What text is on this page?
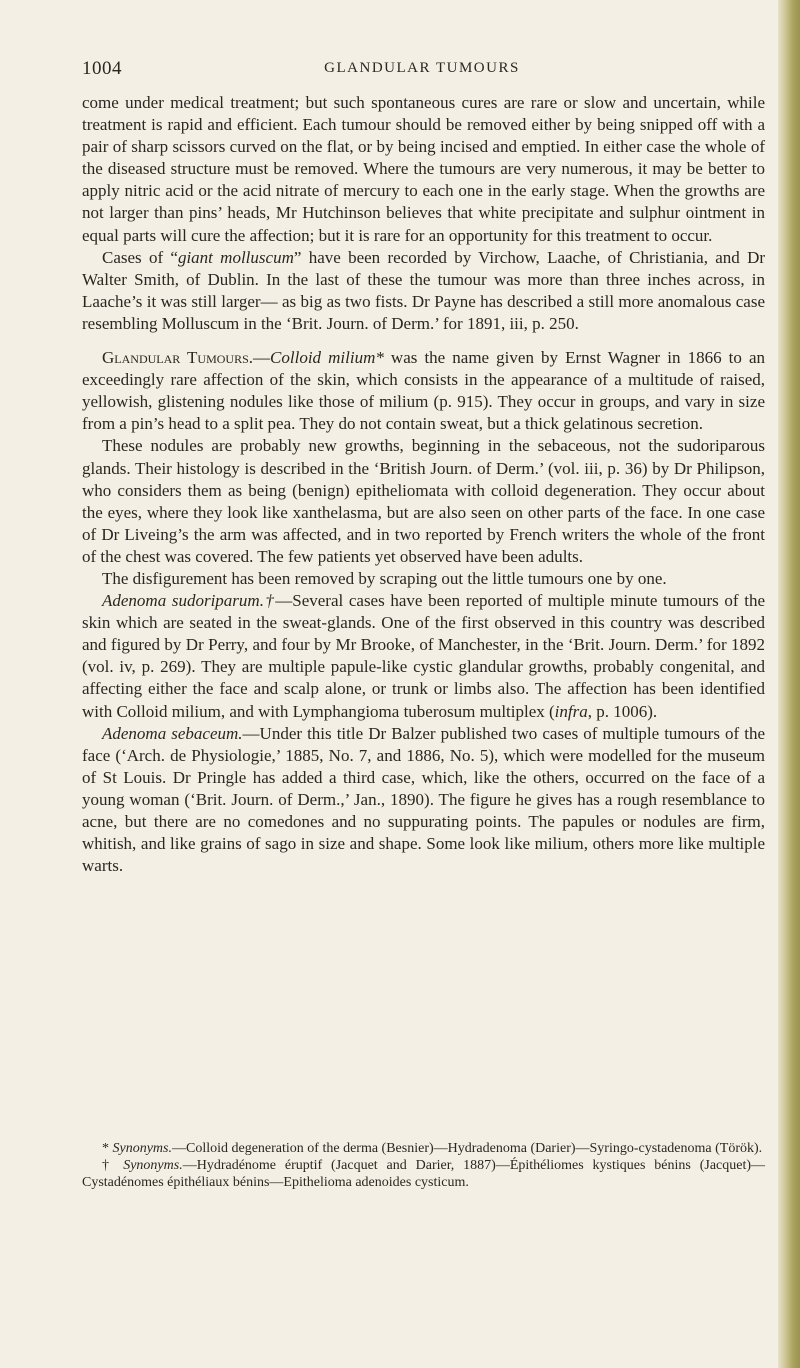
1004	GLANDULAR TUMOURS

come under medical treatment; but such spontaneous cures are rare or slow and uncertain, while treatment is rapid and efficient. Each tumour should be removed either by being snipped off with a pair of sharp scissors curved on the flat, or by being incised and emptied. In either case the whole of the diseased structure must be removed. Where the tumours are very numerous, it may be better to apply nitric acid or the acid nitrate of mercury to each one in the early stage. When the growths are not larger than pins’ heads, Mr Hutchinson believes that white precipitate and sulphur ointment in equal parts will cure the affection; but it is rare for an opportunity for this treatment to occur.

Cases of “giant molluscum” have been recorded by Virchow, Laache, of Christiania, and Dr Walter Smith, of Dublin. In the last of these the tumour was more than three inches across, in Laache’s it was still larger— as big as two fists. Dr Payne has described a still more anomalous case resembling Molluscum in the ‘Brit. Journ. of Derm.’ for 1891, iii, p. 250.

Glandular Tumours.—Colloid milium* was the name given by Ernst Wagner in 1866 to an exceedingly rare affection of the skin, which consists in the appearance of a multitude of raised, yellowish, glistening nodules like those of milium (p. 915). They occur in groups, and vary in size from a pin’s head to a split pea. They do not contain sweat, but a thick gelatinous secretion.

These nodules are probably new growths, beginning in the sebaceous, not the sudoriparous glands. Their histology is described in the ‘British Journ. of Derm.’ (vol. iii, p. 36) by Dr Philipson, who considers them as being (benign) epitheliomata with colloid degeneration. They occur about the eyes, where they look like xanthelasma, but are also seen on other parts of the face. In one case of Dr Liveing’s the arm was affected, and in two reported by French writers the whole of the front of the chest was covered. The few patients yet observed have been adults.

The disfigurement has been removed by scraping out the little tumours one by one.

Adenoma sudoriparum.†—Several cases have been reported of multiple minute tumours of the skin which are seated in the sweat-glands. One of the first observed in this country was described and figured by Dr Perry, and four by Mr Brooke, of Manchester, in the ‘Brit. Journ. Derm.’ for 1892 (vol. iv, p. 269). They are multiple papule-like cystic glandular growths, probably congenital, and affecting either the face and scalp alone, or trunk or limbs also. The affection has been identified with Colloid milium, and with Lymphangioma tuberosum multiplex (infra, p. 1006).

Adenoma sebaceum.—Under this title Dr Balzer published two cases of multiple tumours of the face (‘Arch. de Physiologie,’ 1885, No. 7, and 1886, No. 5), which were modelled for the museum of St Louis. Dr Pringle has added a third case, which, like the others, occurred on the face of a young woman (‘Brit. Journ. of Derm.,’ Jan., 1890). The figure he gives has a rough resemblance to acne, but there are no comedones and no suppurating points. The papules or nodules are firm, whitish, and like grains of sago in size and shape. Some look like milium, others more like multiple warts.

* Synonyms.—Colloid degeneration of the derma (Besnier)—Hydradenoma (Darier)—Syringo-cystadenoma (Török).

† Synonyms.—Hydradénome éruptif (Jacquet and Darier, 1887)—Épithéliomes kystiques bénins (Jacquet)—Cystadénomes épithéliaux bénins—Epithelioma adenoides cysticum.
